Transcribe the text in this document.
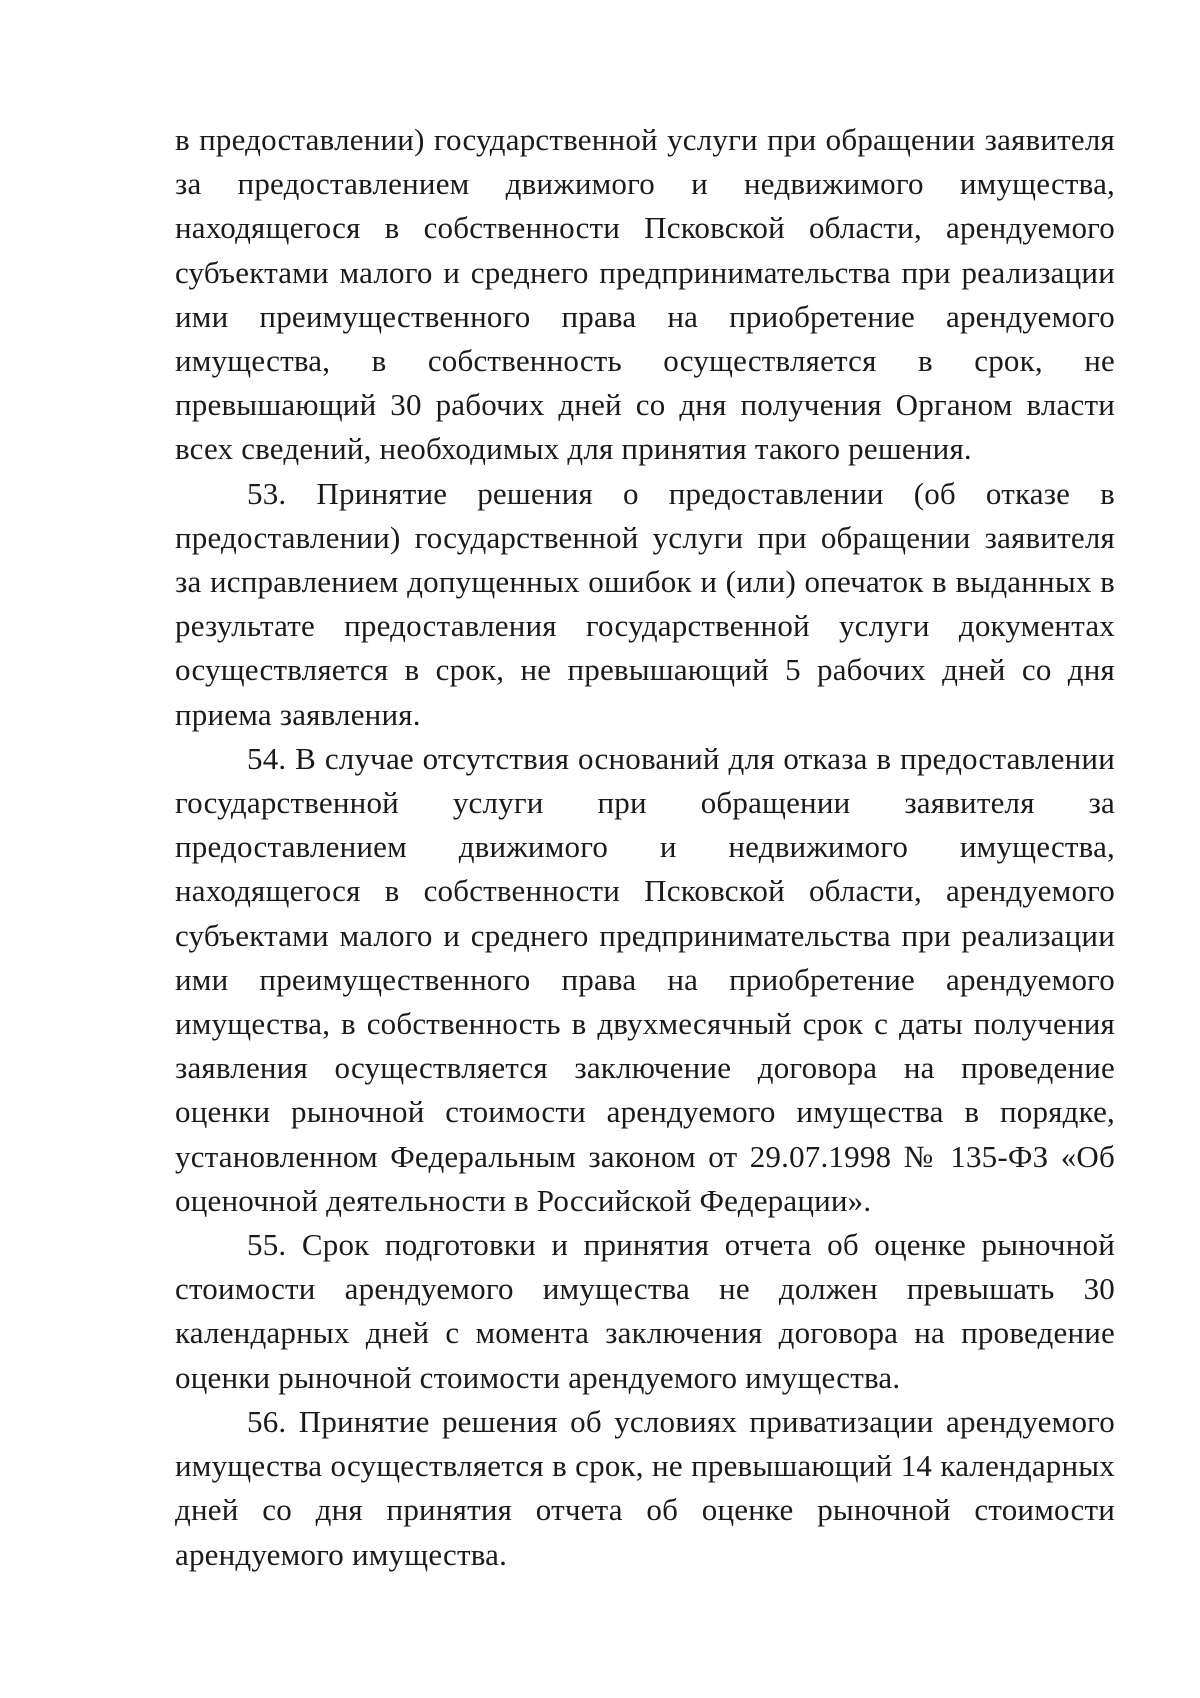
в предоставлении) государственной услуги при обращении заявителя за предоставлением движимого и недвижимого имущества, находящегося в собственности Псковской области, арендуемого субъектами малого и среднего предпринимательства при реализации ими преимущественного права на приобретение арендуемого имущества, в собственность осуществляется в срок, не превышающий 30 рабочих дней со дня получения Органом власти всех сведений, необходимых для принятия такого решения.

53. Принятие решения о предоставлении (об отказе в предоставлении) государственной услуги при обращении заявителя за исправлением допущенных ошибок и (или) опечаток в выданных в результате предоставления государственной услуги документах осуществляется в срок, не превышающий 5 рабочих дней со дня приема заявления.

54. В случае отсутствия оснований для отказа в предоставлении государственной услуги при обращении заявителя за предоставлением движимого и недвижимого имущества, находящегося в собственности Псковской области, арендуемого субъектами малого и среднего предпринимательства при реализации ими преимущественного права на приобретение арендуемого имущества, в собственность в двухмесячный срок с даты получения заявления осуществляется заключение договора на проведение оценки рыночной стоимости арендуемого имущества в порядке, установленном Федеральным законом от 29.07.1998 № 135-ФЗ «Об оценочной деятельности в Российской Федерации».

55. Срок подготовки и принятия отчета об оценке рыночной стоимости арендуемого имущества не должен превышать 30 календарных дней с момента заключения договора на проведение оценки рыночной стоимости арендуемого имущества.

56. Принятие решения об условиях приватизации арендуемого имущества осуществляется в срок, не превышающий 14 календарных дней со дня принятия отчета об оценке рыночной стоимости арендуемого имущества.
